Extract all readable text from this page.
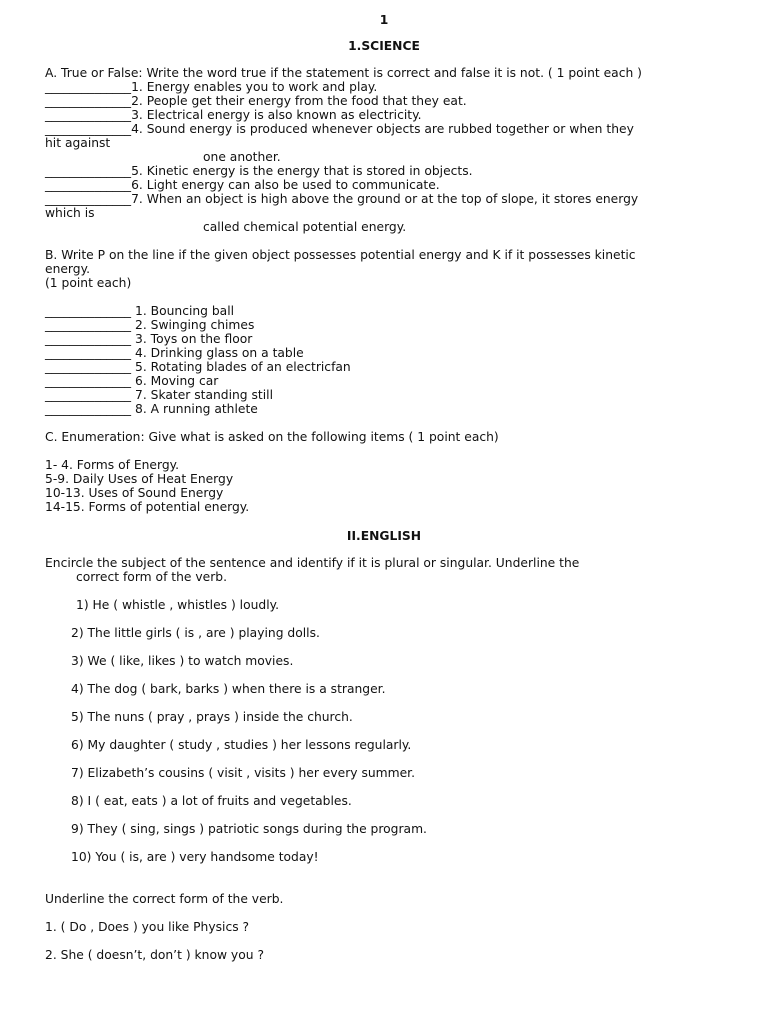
1
1.SCIENCE
A. True or False: Write the word true if the statement is correct and false it is not. ( 1 point each )
______________1. Energy enables you to work and play.
______________2. People get their energy from the food that they eat.
______________3. Electrical energy is also known as electricity.
______________4. Sound energy is produced whenever objects are rubbed together or when they
hit against
one another.
______________5. Kinetic energy is the energy that is stored in objects.
______________6. Light energy can also be used to communicate.
______________7. When an object is high above the ground or at the top of slope, it stores energy
which is
called chemical potential energy.
B. Write P on the line if the given object possesses potential energy and K if it possesses kinetic
energy.
(1 point each)
______________ 1. Bouncing ball
______________ 2. Swinging chimes
______________ 3. Toys on the floor
______________ 4. Drinking glass on a table
______________ 5. Rotating blades of an electricfan
______________ 6. Moving car
______________ 7. Skater standing still
______________ 8. A running athlete
C. Enumeration: Give what is asked on the following items ( 1 point each)
1- 4. Forms of Energy.
5-9. Daily Uses of Heat Energy
10-13. Uses of Sound Energy
14-15. Forms of potential energy.
II.ENGLISH
Encircle the subject of the sentence and identify if it is plural or singular. Underline the
correct form of the verb.
1) He ( whistle , whistles ) loudly.
2) The little girls ( is , are ) playing dolls.
3) We ( like, likes ) to watch movies.
4) The dog ( bark, barks ) when there is a stranger.
5) The nuns ( pray , prays ) inside the church.
6) My daughter ( study , studies ) her lessons regularly.
7) Elizabeth’s cousins ( visit , visits ) her every summer.
8) I ( eat, eats ) a lot of fruits and vegetables.
9) They ( sing, sings ) patriotic songs during the program.
10) You ( is, are ) very handsome today!
Underline the correct form of the verb.
1. ( Do , Does ) you like Physics ?
2. She ( doesn’t, don’t ) know you ?
